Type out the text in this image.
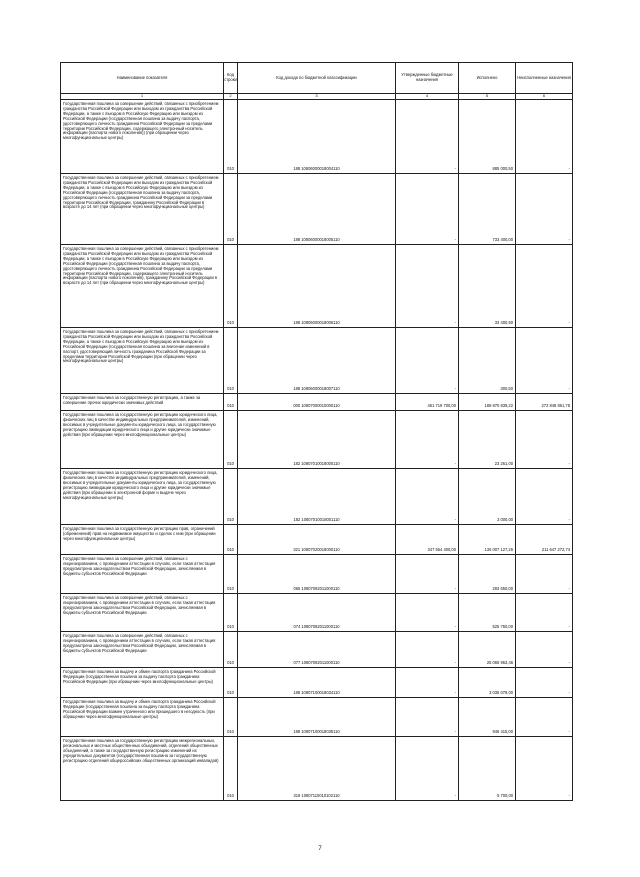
Наименование показателя	Код строки	Код дохода по бюджетной классификации	Утвержденные бюджетные назначения	Исполнено	Неисполненные назначения
1	2	3	4	5	6
Государственная пошлина за совершение действий, связанных с приобретением гражданства Российской Федерации или выходом из гражданства Российской Федерации, а также с въездом в Российскую Федерацию или выездом из Российской Федерации (государственная пошлина за выдачу паспорта, удостоверяющего личность гражданина Российской Федерации за пределами территории Российской Федерации, содержащего электронный носитель информации (паспорта нового поколения)) (при обращении через многофункциональные центры)	010	188 10806000018004110	-	885 000,50	-
Государственная пошлина за совершение действий, связанных с приобретением гражданства Российской Федерации или выходом из гражданства Российской Федерации, а также с въездом в Российскую Федерацию или выездом из Российской Федерации (государственная пошлина за выдачу паспорта, удостоверяющего личность гражданина Российской Федерации за пределами территории Российской Федерации, гражданину Российской Федерации в возрасте до 14 лет (при обращении через многофункциональные центры)	010	188 10806000018005110	-	733 400,00	-
Государственная пошлина за совершение действий, связанных с приобретением гражданства Российской Федерации или выходом из гражданства Российской Федерации, а также с въездом в Российскую Федерацию или выездом из Российской Федерации (государственная пошлина за выдачу паспорта, удостоверяющего личность гражданина Российской Федерации за пределами территории Российской Федерации, содержащего электронный носитель информации (паспорта нового поколения), гражданину Российской Федерации в возрасте до 14 лет (при обращении через многофункциональные центры)	010	188 10806000018006110	-	33 400,50	-
Государственная пошлина за совершение действий, связанных с приобретением гражданства Российской Федерации или выходом из гражданства Российской Федерации, а также с въездом в Российскую Федерацию или выездом из Российской Федерации (государственная пошлина за внесение изменений в паспорт, удостоверяющий личность гражданина Российской Федерации за пределами территории Российской Федерации (при обращении через многофункциональные центры)	010	188 10806000018007110	-	300,50	-
Государственная пошлина за государственную регистрацию, а также за совершение прочих юридически значимых действий	010	000 10807000010000110	461 719 700,00	188 870 839,22	272 848 861,78
Государственная пошлина за государственную регистрацию юридического лица, физических лиц в качестве индивидуальных предпринимателей, изменений, вносимых в учредительные документы юридического лица, за государственную регистрацию ликвидации юридического лица и другие юридически значимые действия (при обращении через многофункциональные центры)	010	182 10807010018000110	-	23 261,00	-
Государственная пошлина за государственную регистрацию юридического лица, физических лиц в качестве индивидуальных предпринимателей, изменений, вносимых в учредительные документы юридического лица, за государственную регистрацию ликвидации юридического лица и другие юридически значимые действия (при обращении в электронной форме и выдаче через многофункциональные центры)	010	182 10807010018001110	-	3 000,00	-
Государственная пошлина за государственную регистрацию прав, ограничений (обременений) прав на недвижимое имущество и сделок с ним (при обращении через многофункциональные центры)	010	321 10807020018000110	347 654 400,00	136 007 127,26	211 647 272,74
Государственная пошлина за совершение действий, связанных с лицензированием, с проведением аттестации в случаях, если такая аттестация предусмотрена законодательством Российской Федерации, зачисляемая в бюджеты субъектов Российской Федерации	010	065 10807082011000110	-	283 650,00	-
Государственная пошлина за совершение действий, связанных с лицензированием, с проведением аттестации в случаях, если такая аттестация предусмотрена законодательством Российской Федерации, зачисляемая в бюджеты субъектов Российской Федерации	010	074 10807082011000110	-	525 750,00	-
Государственная пошлина за совершение действий, связанных с лицензированием, с проведением аттестации в случаях, если такая аттестация предусмотрена законодательством Российской Федерации, зачисляемая в бюджеты субъектов Российской Федерации	010	077 10807082011000110	-	25 065 963,46	-
Государственная пошлина за выдачу и обмен паспорта гражданина Российской Федерации (государственная пошлина за выдачу паспорта гражданина Российской Федерации (при обращении через многофункциональные центры)	010	188 10807100018034110	-	3 036 078,00	-
Государственная пошлина за выдачу и обмен паспорта гражданина Российской Федерации (государственная пошлина за выдачу паспорта гражданина Российской Федерации взамен утраченного или пришедшего в негодность (при обращении через многофункциональные центры)	010	188 10807100018035110	-	946 415,00	-
Государственная пошлина за государственную регистрацию межрегиональных, региональных и местных общественных объединений, отделений общественных объединений, а также за государственную регистрацию изменений их учредительных документов (государственная пошлина за государственную регистрацию отделений общероссийских общественных организаций инвалидов)	010	318 10807110010102110	-	5 700,00	-
7
